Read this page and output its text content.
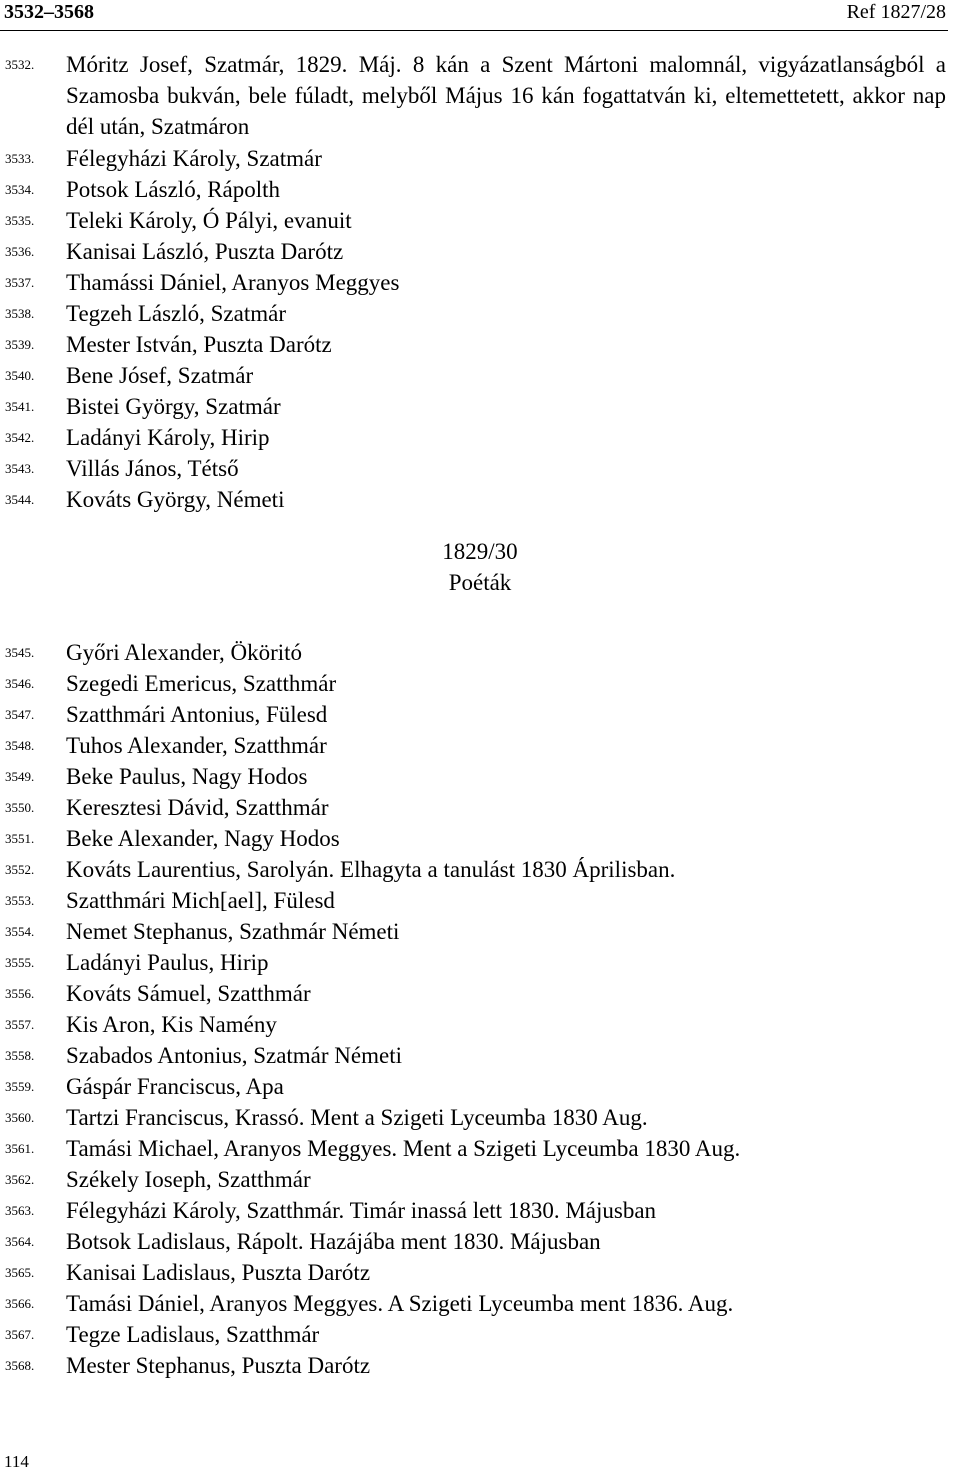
3532–3568	Ref 1827/28
3532. Móritz Josef, Szatmár, 1829. Máj. 8 kán a Szent Mártoni malomnál, vigyázatlanságból a Szamosba bukván, bele fúladt, melyből Május 16 kán fogattatván ki, eltemettetett, akkor nap dél után, Szatmáron
3533. Félegyházi Károly, Szatmár
3534. Potsok László, Rápolth
3535. Teleki Károly, Ó Pályi, evanuit
3536. Kanisai László, Puszta Darótz
3537. Thamássi Dániel, Aranyos Meggyes
3538. Tegzeh László, Szatmár
3539. Mester István, Puszta Darótz
3540. Bene Jósef, Szatmár
3541. Bistei György, Szatmár
3542. Ladányi Károly, Hirip
3543. Villás János, Tétső
3544. Kováts György, Németi
1829/30
Poéták
3545. Győri Alexander, Ököritó
3546. Szegedi Emericus, Szatthmár
3547. Szatthmári Antonius, Fülesd
3548. Tuhos Alexander, Szatthmár
3549. Beke Paulus, Nagy Hodos
3550. Keresztesi Dávid, Szatthmár
3551. Beke Alexander, Nagy Hodos
3552. Kováts Laurentius, Sarolyán. Elhagyta a tanulást 1830 Áprilisban.
3553. Szatthmári Mich[ael], Fülesd
3554. Nemet Stephanus, Szathmár Németi
3555. Ladányi Paulus, Hirip
3556. Kováts Sámuel, Szatthmár
3557. Kis Aron, Kis Namény
3558. Szabados Antonius, Szatmár Németi
3559. Gáspár Franciscus, Apa
3560. Tartzi Franciscus, Krassó. Ment a Szigeti Lyceumba 1830 Aug.
3561. Tamási Michael, Aranyos Meggyes. Ment a Szigeti Lyceumba 1830 Aug.
3562. Székely Ioseph, Szatthmár
3563. Félegyházi Károly, Szatthmár. Timár inassá lett 1830. Májusban
3564. Botsok Ladislaus, Rápolt. Hazájába ment 1830. Májusban
3565. Kanisai Ladislaus, Puszta Darótz
3566. Tamási Dániel, Aranyos Meggyes. A Szigeti Lyceumba ment 1836. Aug.
3567. Tegze Ladislaus, Szatthmár
3568. Mester Stephanus, Puszta Darótz
114
